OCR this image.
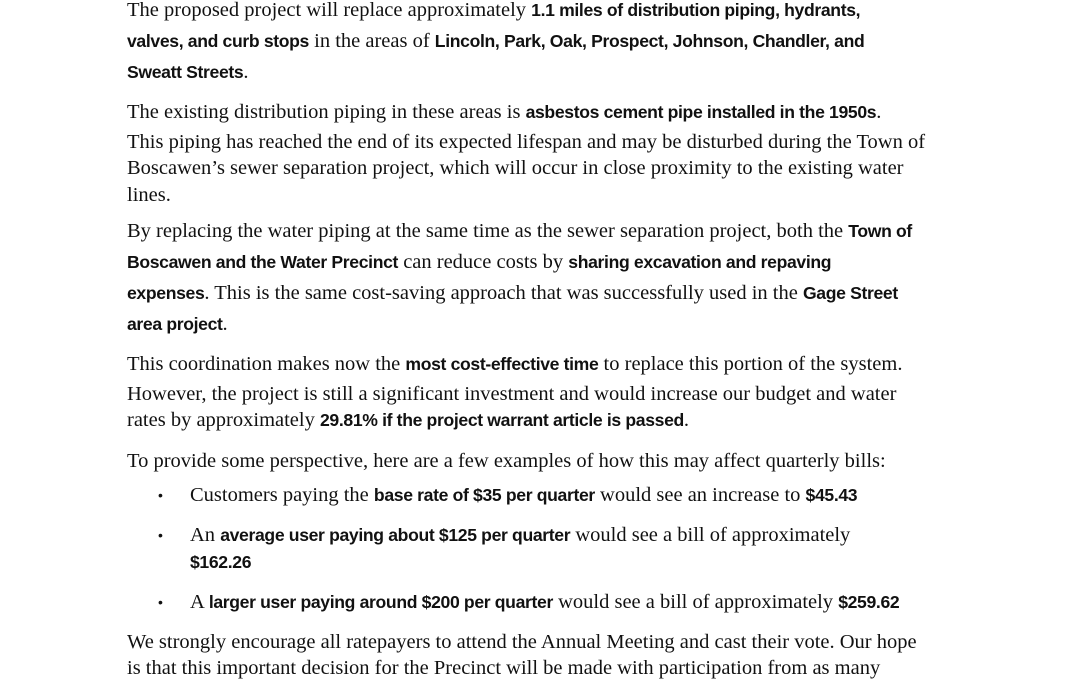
The proposed project will replace approximately 1.1 miles of distribution piping, hydrants,
valves, and curb stops in the areas of Lincoln, Park, Oak, Prospect, Johnson, Chandler, and
Sweatt Streets.
The existing distribution piping in these areas is asbestos cement pipe installed in the 1950s.
This piping has reached the end of its expected lifespan and may be disturbed during the Town of
Boscawen’s sewer separation project, which will occur in close proximity to the existing water
lines.
By replacing the water piping at the same time as the sewer separation project, both the Town of
Boscawen and the Water Precinct can reduce costs by sharing excavation and repaving
expenses. This is the same cost-saving approach that was successfully used in the Gage Street
area project.
This coordination makes now the most cost-effective time to replace this portion of the system.
However, the project is still a significant investment and would increase our budget and water
rates by approximately 29.81% if the project warrant article is passed.
To provide some perspective, here are a few examples of how this may affect quarterly bills:
• Customers paying the base rate of $35 per quarter would see an increase to $45.43
• An average user paying about $125 per quarter would see a bill of approximately
$162.26
• A larger user paying around $200 per quarter would see a bill of approximately $259.62
We strongly encourage all ratepayers to attend the Annual Meeting and cast their vote. Our hope
is that this important decision for the Precinct will be made with participation from as many
